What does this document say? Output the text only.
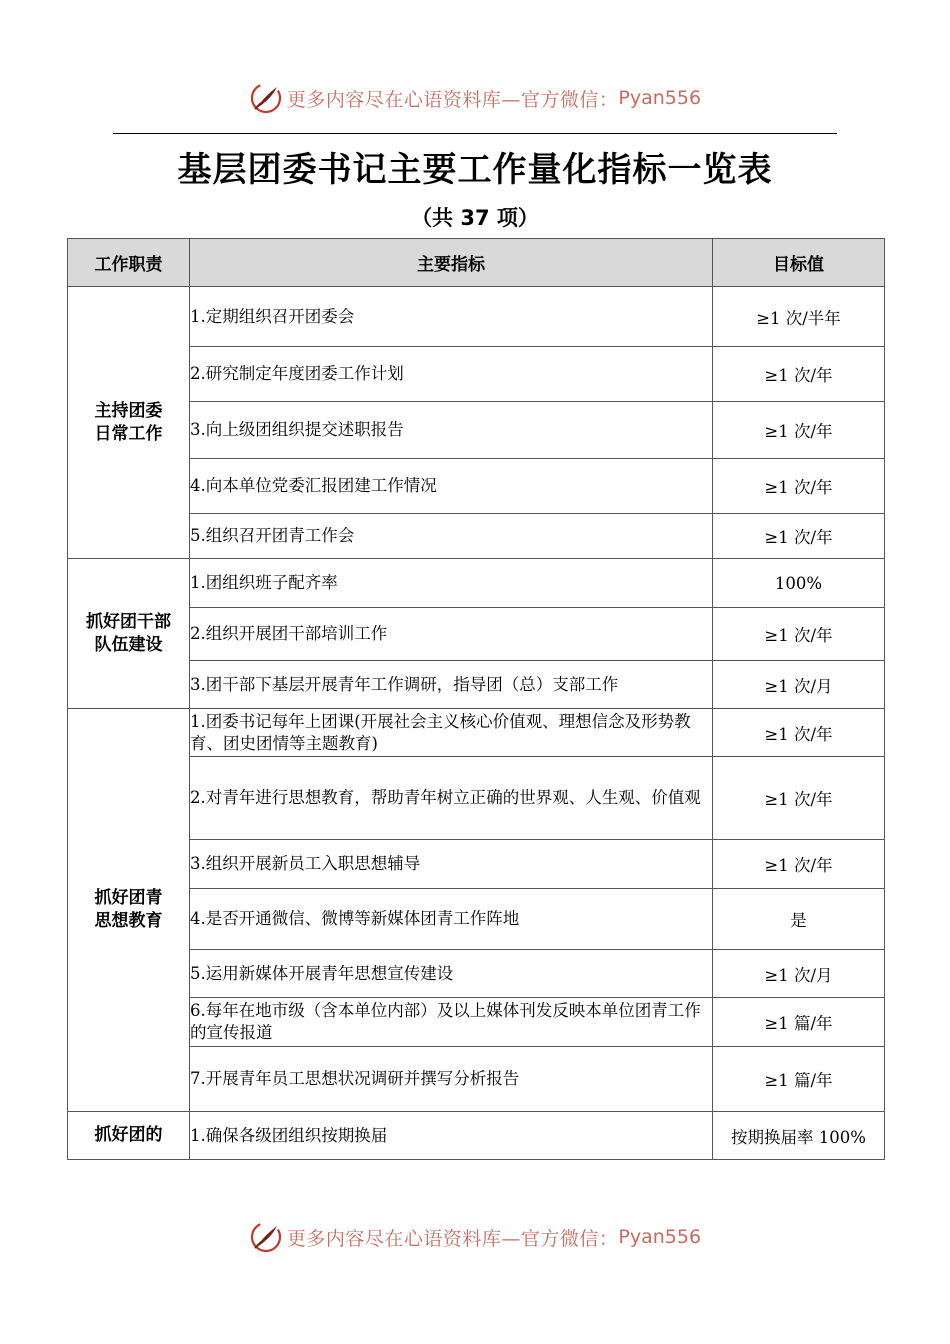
更多内容尽在心语资料库—官方微信： Pyan556
基层团委书记主要工作量化指标一览表
（共 37 项）
工作职责	主要指标	目标值
主持团委
日常工作	1.定期组织召开团委会	≥1 次/半年
	2.研究制定年度团委工作计划	≥1 次/年
	3.向上级团组织提交述职报告	≥1 次/年
	4.向本单位党委汇报团建工作情况	≥1 次/年
	5.组织召开团青工作会	≥1 次/年
抓好团干部
队伍建设	1.团组织班子配齐率	100%
	2.组织开展团干部培训工作	≥1 次/年
	3.团干部下基层开展青年工作调研，指导团（总）支部工作	≥1 次/月
抓好团青
思想教育	1.团委书记每年上团课(开展社会主义核心价值观、理想信念及形势教育、团史团情等主题教育)	≥1 次/年
	2.对青年进行思想教育，帮助青年树立正确的世界观、人生观、价值观	≥1 次/年
	3.组织开展新员工入职思想辅导	≥1 次/年
	4.是否开通微信、微博等新媒体团青工作阵地	是
	5.运用新媒体开展青年思想宣传建设	≥1 次/月
	6.每年在地市级（含本单位内部）及以上媒体刊发反映本单位团青工作的宣传报道	≥1 篇/年
	7.开展青年员工思想状况调研并撰写分析报告	≥1 篇/年
抓好团的	1.确保各级团组织按期换届	按期换届率 100%
更多内容尽在心语资料库—官方微信： Pyan556
